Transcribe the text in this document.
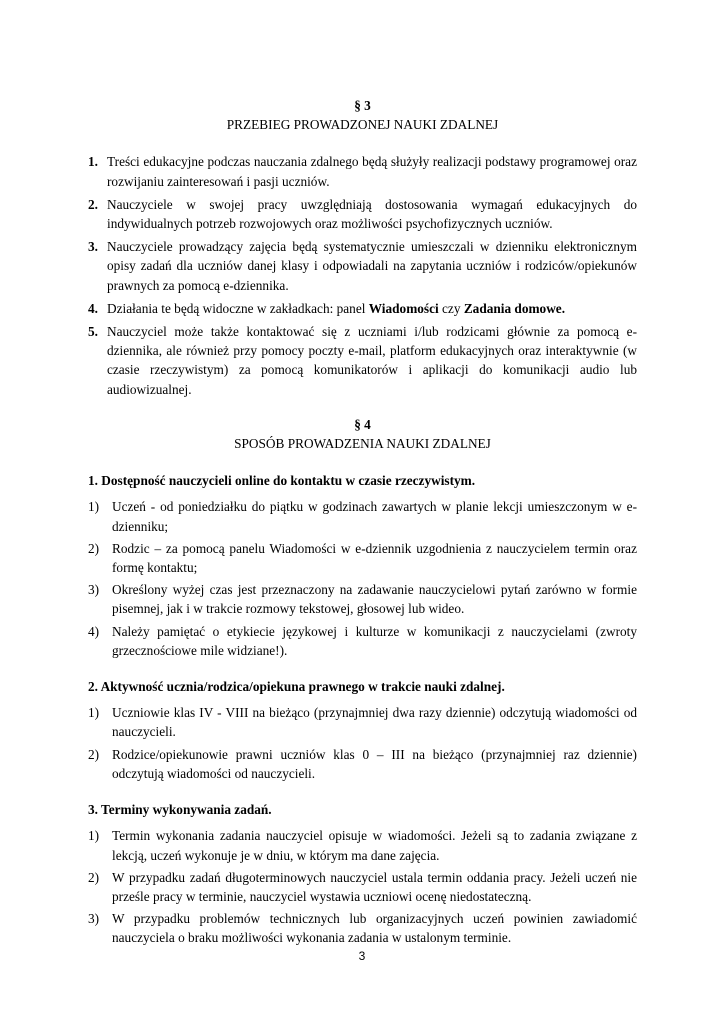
§ 3
PRZEBIEG PROWADZONEJ NAUKI ZDALNEJ
1. Treści edukacyjne podczas nauczania zdalnego będą służyły realizacji podstawy programowej oraz rozwijaniu zainteresowań i pasji uczniów.
2. Nauczyciele w swojej pracy uwzględniają dostosowania wymagań edukacyjnych do indywidualnych potrzeb rozwojowych oraz możliwości psychofizycznych uczniów.
3. Nauczyciele prowadzący zajęcia będą systematycznie umieszczali w dzienniku elektronicznym opisy zadań dla uczniów danej klasy i odpowiadali na zapytania uczniów i rodziców/opiekunów prawnych za pomocą e-dziennika.
4. Działania te będą widoczne w zakładkach: panel Wiadomości czy Zadania domowe.
5. Nauczyciel może także kontaktować się z uczniami i/lub rodzicami głównie za pomocą e-dziennika, ale również przy pomocy poczty e-mail, platform edukacyjnych oraz interaktywnie (w czasie rzeczywistym) za pomocą komunikatorów i aplikacji do komunikacji audio lub audiowizualnej.
§ 4
SPOSÓB PROWADZENIA NAUKI ZDALNEJ
1. Dostępność nauczycieli online do kontaktu w czasie rzeczywistym.
1) Uczeń - od poniedziałku do piątku w godzinach zawartych w planie lekcji umieszczonym w e-dzienniku;
2) Rodzic – za pomocą panelu Wiadomości w e-dziennik uzgodnienia z nauczycielem termin oraz formę kontaktu;
3) Określony wyżej czas jest przeznaczony na zadawanie nauczycielowi pytań zarówno w formie pisemnej, jak i w trakcie rozmowy tekstowej, głosowej lub wideo.
4) Należy pamiętać o etykiecie językowej i kulturze w komunikacji z nauczycielami (zwroty grzecznościowe mile widziane!).
2. Aktywność ucznia/rodzica/opiekuna prawnego w trakcie nauki zdalnej.
1) Uczniowie klas IV - VIII na bieżąco (przynajmniej dwa razy dziennie) odczytują wiadomości od nauczycieli.
2) Rodzice/opiekunowie prawni uczniów klas 0 – III na bieżąco (przynajmniej raz dziennie) odczytują wiadomości od nauczycieli.
3. Terminy wykonywania zadań.
1) Termin wykonania zadania nauczyciel opisuje w wiadomości. Jeżeli są to zadania związane z lekcją, uczeń wykonuje je w dniu, w którym ma dane zajęcia.
2) W przypadku zadań długoterminowych nauczyciel ustala termin oddania pracy. Jeżeli uczeń nie prześle pracy w terminie, nauczyciel wystawia uczniowi ocenę niedostateczną.
3) W przypadku problemów technicznych lub organizacyjnych uczeń powinien zawiadomić nauczyciela o braku możliwości wykonania zadania w ustalonym terminie.
3
